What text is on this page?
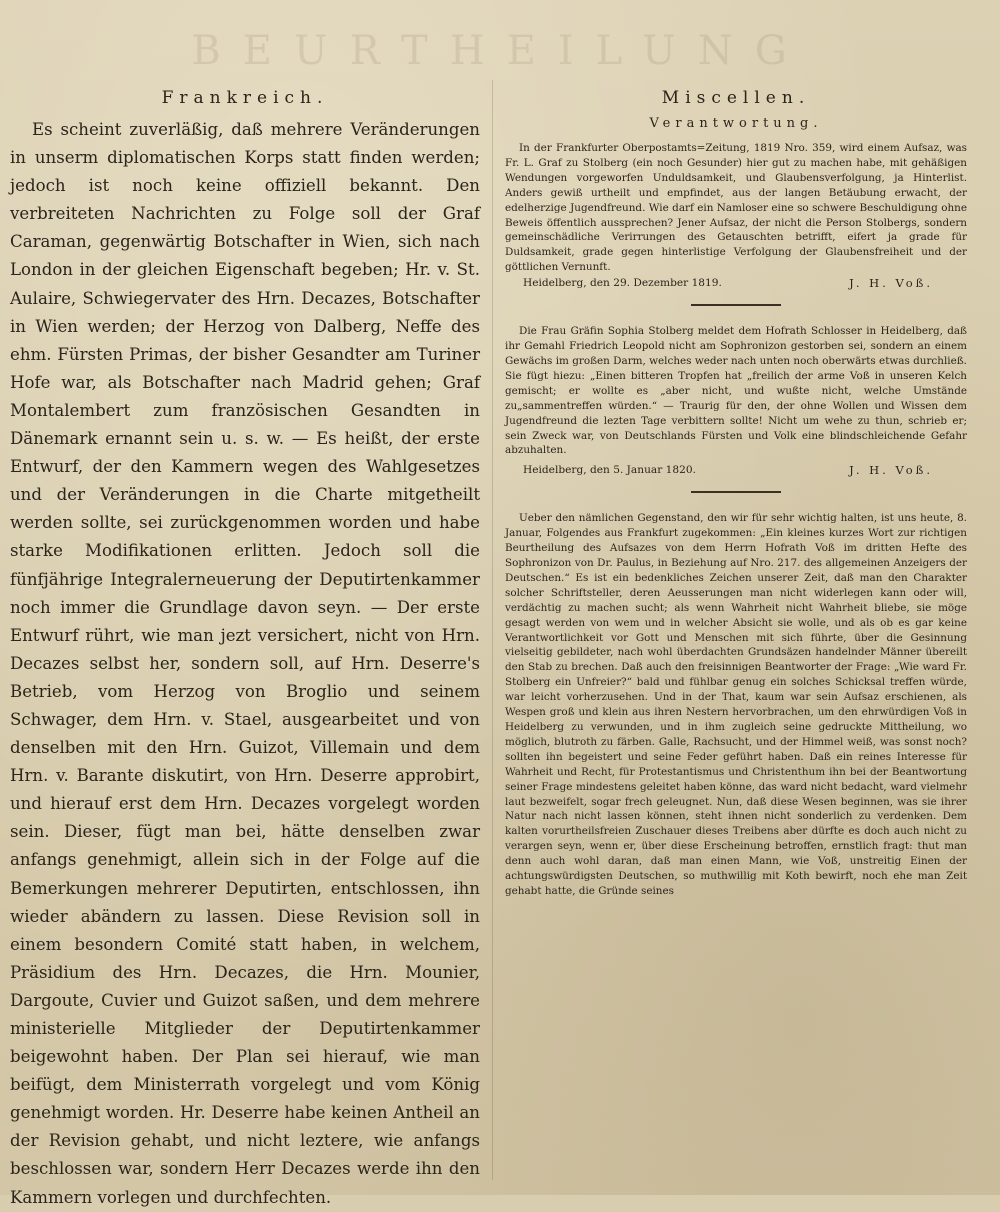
BEURTHEILUNG
Frankreich.

Es scheint zuverläßig, daß mehrere Veränderungen in unserm diplomatischen Korps statt finden werden; jedoch ist noch keine offiziell bekannt. Den verbreiteten Nachrichten zu Folge soll der Graf Caraman, gegenwärtig Botschafter in Wien, sich nach London in der gleichen Eigenschaft begeben; Hr. v. St. Aulaire, Schwiegervater des Hrn. Decazes, Botschafter in Wien werden; der Herzog von Dalberg, Neffe des ehm. Fürsten Primas, der bisher Gesandter am Turiner Hofe war, als Botschafter nach Madrid gehen; Graf Montalembert zum französischen Gesandten in Dänemark ernannt sein u. s. w. — Es heißt, der erste Entwurf, der den Kammern wegen des Wahlgesetzes und der Veränderungen in die Charte mitgetheilt werden sollte, sei zurückgenommen worden und habe starke Modifikationen erlitten. Jedoch soll die fünfjährige Integralerneuerung der Deputirtenkammer noch immer die Grundlage davon seyn. — Der erste Entwurf rührt, wie man jezt versichert, nicht von Hrn. Decazes selbst her, sondern soll, auf Hrn. Deserre's Betrieb, vom Herzog von Broglio und seinem Schwager, dem Hrn. v. Stael, ausgearbeitet und von denselben mit den Hrn. Guizot, Villemain und dem Hrn. v. Barante diskutirt, von Hrn. Deserre approbirt, und hierauf erst dem Hrn. Decazes vorgelegt worden sein. Dieser, fügt man bei, hätte denselben zwar anfangs genehmigt, allein sich in der Folge auf die Bemerkungen mehrerer Deputirten, entschlossen, ihn wieder abändern zu lassen. Diese Revision soll in einem besondern Comité statt haben, in welchem, Präsidium des Hrn. Decazes, die Hrn. Mounier, Dargoute, Cuvier und Guizot saßen, und dem mehrere ministerielle Mitglieder der Deputirtenkammer beigewohnt haben. Der Plan sei hierauf, wie man beifügt, dem Ministerrath vorgelegt und vom König genehmigt worden. Hr. Deserre habe keinen Antheil an der Revision gehabt, und nicht leztere, wie anfangs beschlossen war, sondern Herr Decazes werde ihn den Kammern vorlegen und durchfechten.

Miscellen.
Verantwortung.

In der Frankfurter Oberpostamts=Zeitung, 1819 Nro. 359, wird einem Aufsaz, was Fr. L. Graf zu Stolberg (ein noch Gesunder) hier gut zu machen habe, mit gehäßigen Wendungen vorgeworfen Unduldsamkeit, und Glaubensverfolgung, ja Hinterlist. Anders gewiß urtheilt und empfindet, aus der langen Betäubung erwacht, der edelherzige Jugendfreund. Wie darf ein Namloser eine so schwere Beschuldigung ohne Beweis öffentlich aussprechen? Jener Aufsaz, der nicht die Person Stolbergs, sondern gemeinschädliche Verirrungen des Getauschten betrifft, eifert ja grade für Duldsamkeit, grade gegen hinterlistige Verfolgung der Glaubensfreiheit und der göttlichen Vernunft.

Heidelberg, den 29. Dezember 1819.	J. H. Voß.

Die Frau Gräfin Sophia Stolberg meldet dem Hofrath Schlosser in Heidelberg, daß ihr Gemahl Friedrich Leopold nicht am Sophronizon gestorben sei, sondern an einem Gewächs im großen Darm, welches weder nach unten noch oberwärts etwas durchließ. Sie fügt hiezu: „Einen bitteren Tropfen hat „freilich der arme Voß in unseren Kelch gemischt; er wollte es „aber nicht, und wußte nicht, welche Umstände zu„sammentreffen würden.“ — Traurig für den, der ohne Wollen und Wissen dem Jugendfreund die lezten Tage verbittern sollte! Nicht um wehe zu thun, schrieb er; sein Zweck war, von Deutschlands Fürsten und Volk eine blindschleichende Gefahr abzuhalten.

Heidelberg, den 5. Januar 1820.	J. H. Voß.

Ueber den nämlichen Gegenstand, den wir für sehr wichtig halten, ist uns heute, 8. Januar, Folgendes aus Frankfurt zugekommen: „Ein kleines kurzes Wort zur richtigen Beurtheilung des Aufsazes von dem Herrn Hofrath Voß im dritten Hefte des Sophronizon von Dr. Paulus, in Beziehung auf Nro. 217. des allgemeinen Anzeigers der Deutschen.“ Es ist ein bedenkliches Zeichen unserer Zeit, daß man den Charakter solcher Schriftsteller, deren Aeusserungen man nicht widerlegen kann oder will, verdächtig zu machen sucht; als wenn Wahrheit nicht Wahrheit bliebe, sie möge gesagt werden von wem und in welcher Absicht sie wolle, und als ob es gar keine Verantwortlichkeit vor Gott und Menschen mit sich führte, über die Gesinnung vielseitig gebildeter, nach wohl überdachten Grundsäzen handelnder Männer übereilt den Stab zu brechen. Daß auch den freisinnigen Beantworter der Frage: „Wie ward Fr. Stolberg ein Unfreier?“ bald und fühlbar genug ein solches Schicksal treffen würde, war leicht vorherzusehen. Und in der That, kaum war sein Aufsaz erschienen, als Wespen groß und klein aus ihren Nestern hervorbrachen, um den ehrwürdigen Voß in Heidelberg zu verwunden, und in ihm zugleich seine gedruckte Mittheilung, wo möglich, blutroth zu färben. Galle, Rachsucht, und der Himmel weiß, was sonst noch? sollten ihn begeistert und seine Feder geführt haben. Daß ein reines Interesse für Wahrheit und Recht, für Protestantismus und Christenthum ihn bei der Beantwortung seiner Frage mindestens geleitet haben könne, das ward nicht bedacht, ward vielmehr laut bezweifelt, sogar frech geleugnet. Nun, daß diese Wesen beginnen, was sie ihrer Natur nach nicht lassen können, steht ihnen nicht sonderlich zu verdenken. Dem kalten vorurtheilsfreien Zuschauer dieses Treibens aber dürfte es doch auch nicht zu verargen seyn, wenn er, über diese Erscheinung betroffen, ernstlich fragt: thut man denn auch wohl daran, daß man einen Mann, wie Voß, unstreitig Einen der achtungswürdigsten Deutschen, so muthwillig mit Koth bewirft, noch ehe man Zeit gehabt hatte, die Gründe seines
